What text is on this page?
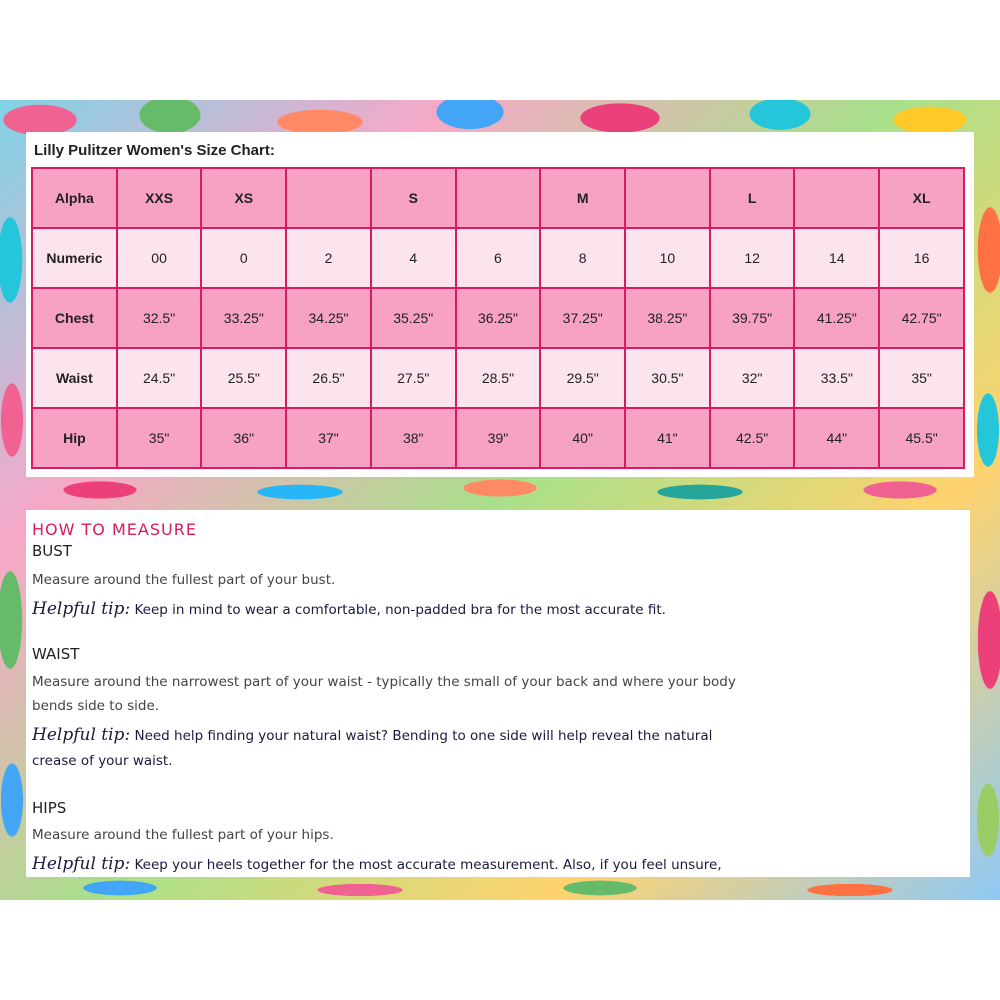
Lilly Pulitzer Women's Size Chart:
Alpha	XXS	XS		S		M		L		XL
Numeric	00	0	2	4	6	8	10	12	14	16
Chest	32.5"	33.25"	34.25"	35.25"	36.25"	37.25"	38.25"	39.75"	41.25"	42.75"
Waist	24.5"	25.5"	26.5"	27.5"	28.5"	29.5"	30.5"	32"	33.5"	35"
Hip	35"	36"	37"	38"	39"	40"	41"	42.5"	44"	45.5"
HOW TO MEASURE
BUST

Measure around the fullest part of your bust.

Helpful tip: Keep in mind to wear a comfortable, non-padded bra for the most accurate fit.

WAIST

Measure around the narrowest part of your waist - typically the small of your back and where your body

bends side to side.

Helpful tip: Need help finding your natural waist? Bending to one side will help reveal the natural

crease of your waist.

HIPS

Measure around the fullest part of your hips.

Helpful tip: Keep your heels together for the most accurate measurement. Also, if you feel unsure,
